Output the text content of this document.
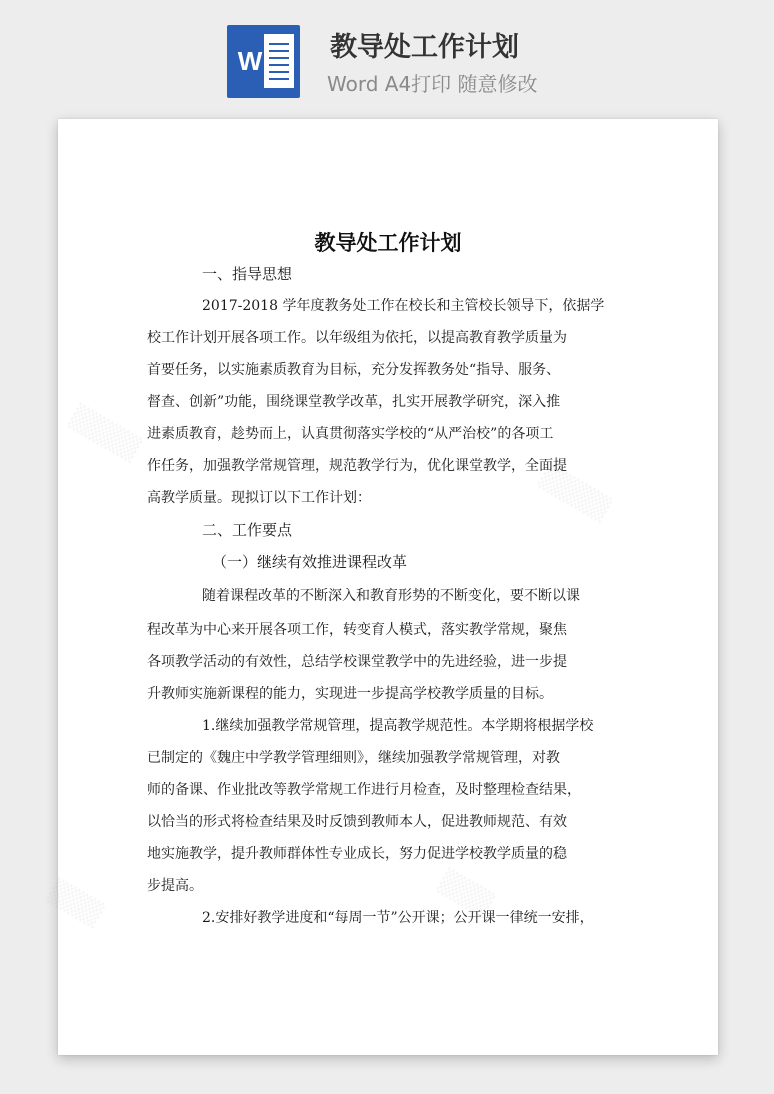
W	教导处工作计划
Word A4打印 随意修改
▒▒▒▒
▒▒▒▒
▒▒▒	▒▒▒
教导处工作计划
一、指导思想
2017-2018 学年度教务处工作在校长和主管校长领导下，依据学
校工作计划开展各项工作。以年级组为依托，以提高教育教学质量为
首要任务，以实施素质教育为目标，充分发挥教务处“指导、服务、
督查、创新”功能，围绕课堂教学改革，扎实开展教学研究，深入推
进素质教育，趁势而上，认真贯彻落实学校的“从严治校”的各项工
作任务，加强教学常规管理，规范教学行为，优化课堂教学，全面提
高教学质量。现拟订以下工作计划：
二、工作要点
（一）继续有效推进课程改革
随着课程改革的不断深入和教育形势的不断变化，要不断以课
程改革为中心来开展各项工作，转变育人模式，落实教学常规，聚焦
各项教学活动的有效性，总结学校课堂教学中的先进经验，进一步提
升教师实施新课程的能力，实现进一步提高学校教学质量的目标。
1.继续加强教学常规管理，提高教学规范性。本学期将根据学校
已制定的《魏庄中学教学管理细则》，继续加强教学常规管理，对教
师的备课、作业批改等教学常规工作进行月检查，及时整理检查结果，
以恰当的形式将检查结果及时反馈到教师本人，促进教师规范、有效
地实施教学，提升教师群体性专业成长，努力促进学校教学质量的稳
步提高。
2.安排好教学进度和“每周一节”公开课；公开课一律统一安排，
